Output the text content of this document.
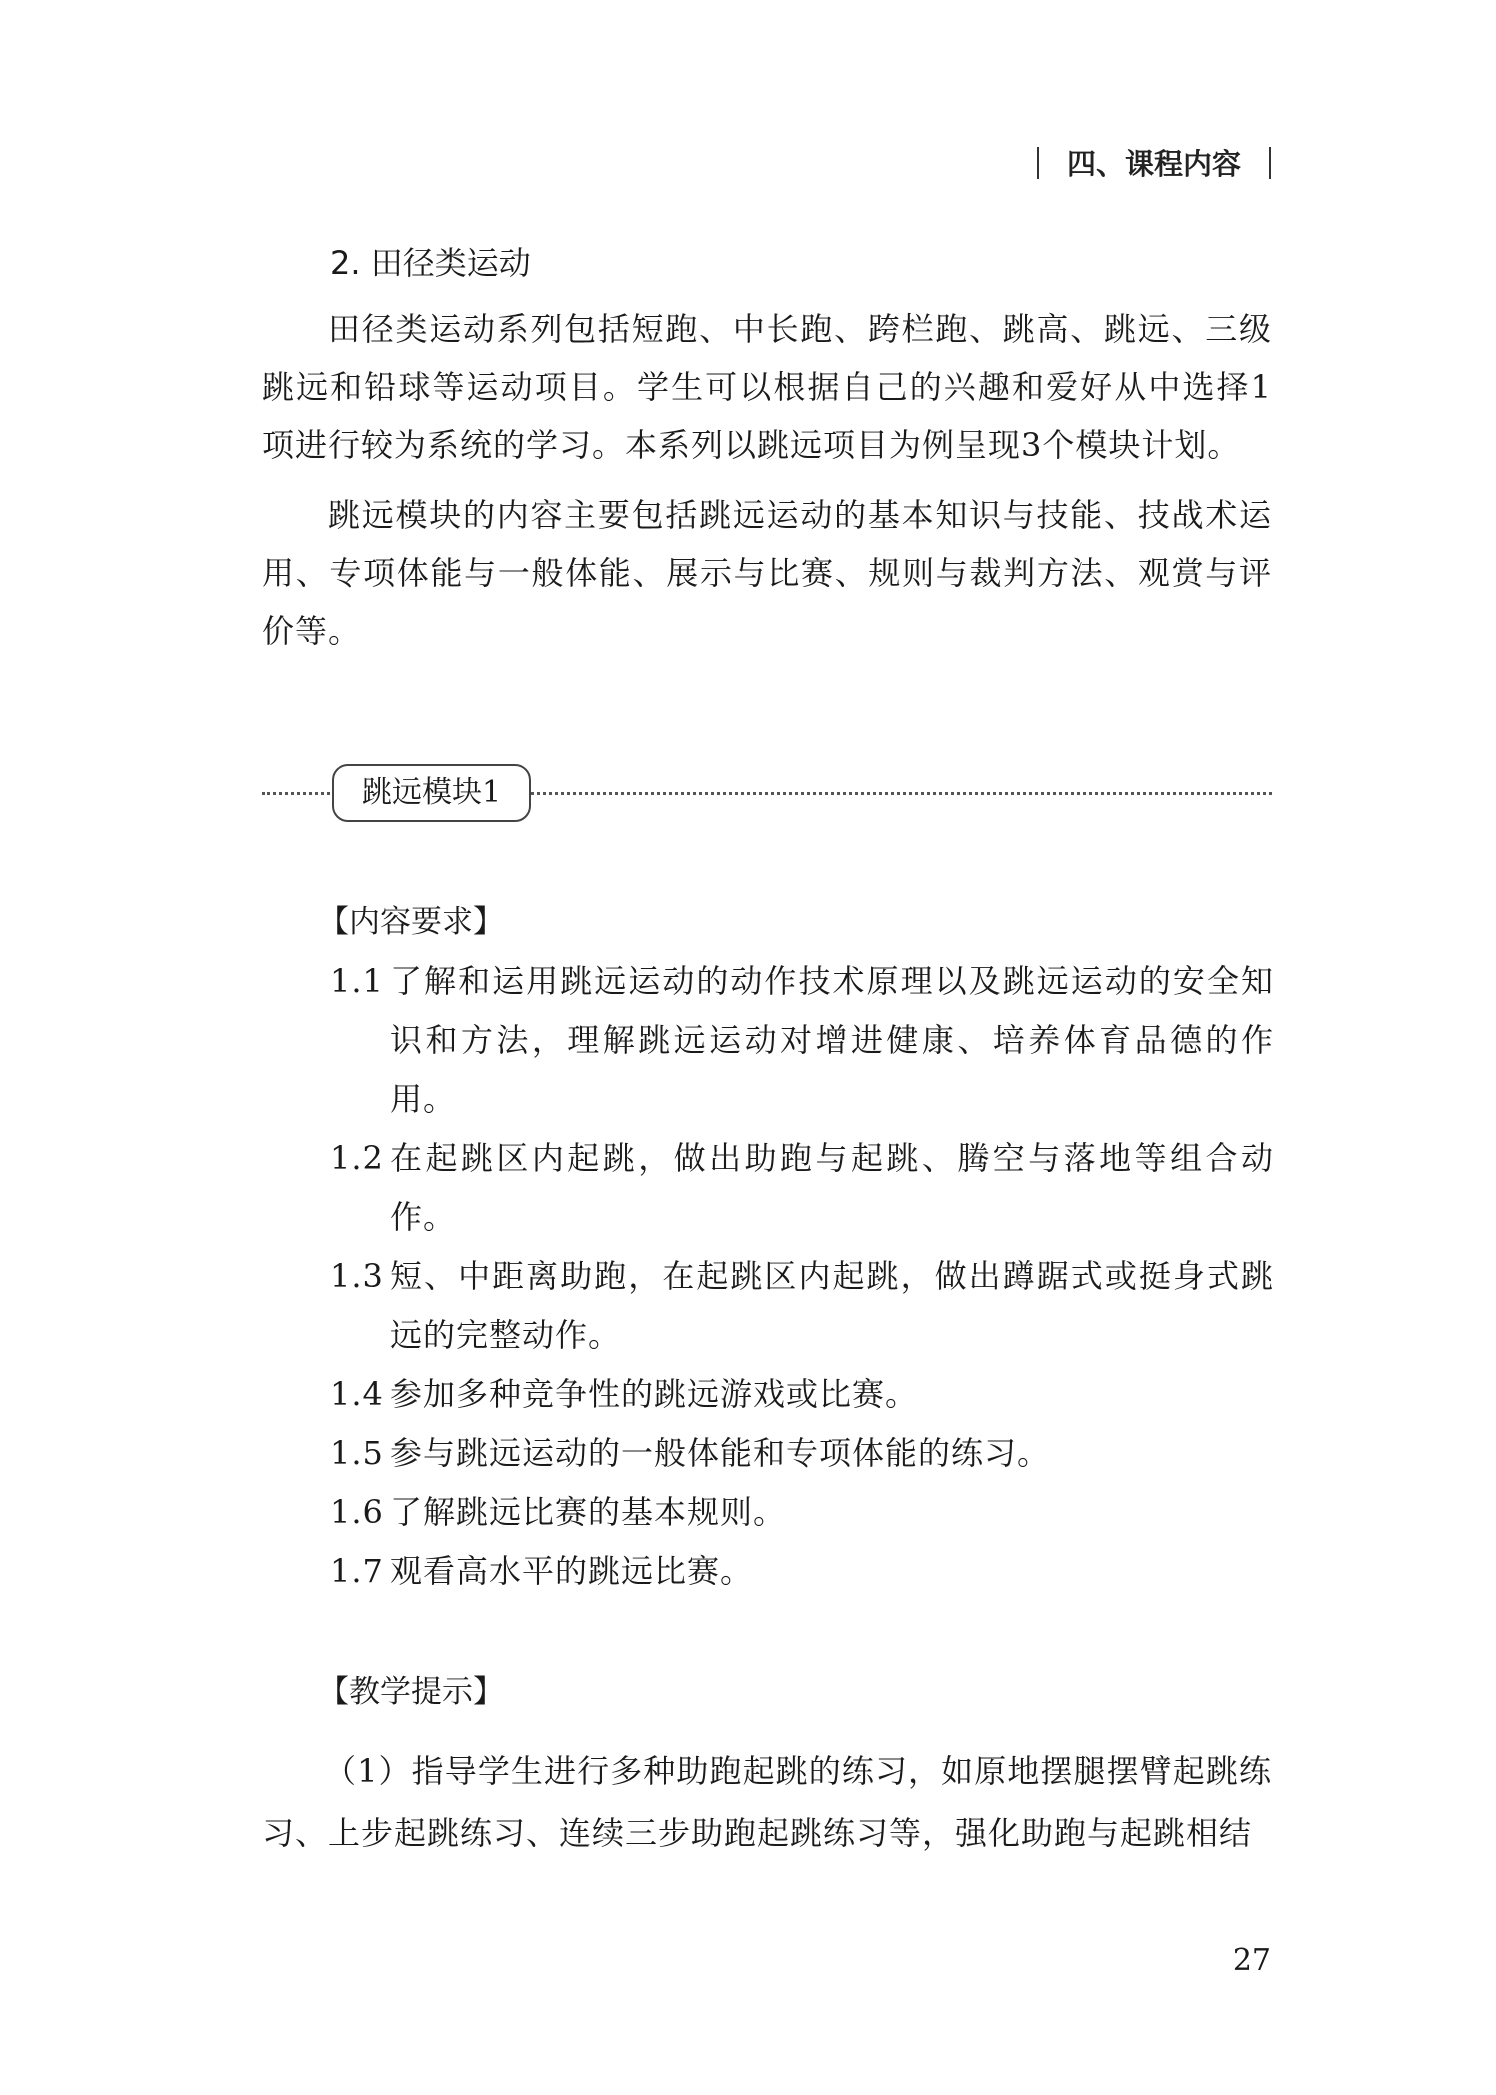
四、课程内容
2. 田径类运动

田径类运动系列包括短跑、中长跑、跨栏跑、跳高、跳远、三级跳远和铅球等运动项目。学生可以根据自己的兴趣和爱好从中选择1项进行较为系统的学习。本系列以跳远项目为例呈现3个模块计划。

跳远模块的内容主要包括跳远运动的基本知识与技能、技战术运用、专项体能与一般体能、展示与比赛、规则与裁判方法、观赏与评价等。

跳远模块1
【内容要求】
1.1 了解和运用跳远运动的动作技术原理以及跳远运动的安全知识和方法，理解跳远运动对增进健康、培养体育品德的作用。
1.2 在起跳区内起跳，做出助跑与起跳、腾空与落地等组合动作。
1.3 短、中距离助跑，在起跳区内起跳，做出蹲踞式或挺身式跳远的完整动作。
1.4 参加多种竞争性的跳远游戏或比赛。
1.5 参与跳远运动的一般体能和专项体能的练习。
1.6 了解跳远比赛的基本规则。
1.7 观看高水平的跳远比赛。
【教学提示】

（1）指导学生进行多种助跑起跳的练习，如原地摆腿摆臂起跳练习、上步起跳练习、连续三步助跑起跳练习等，强化助跑与起跳相结

27
